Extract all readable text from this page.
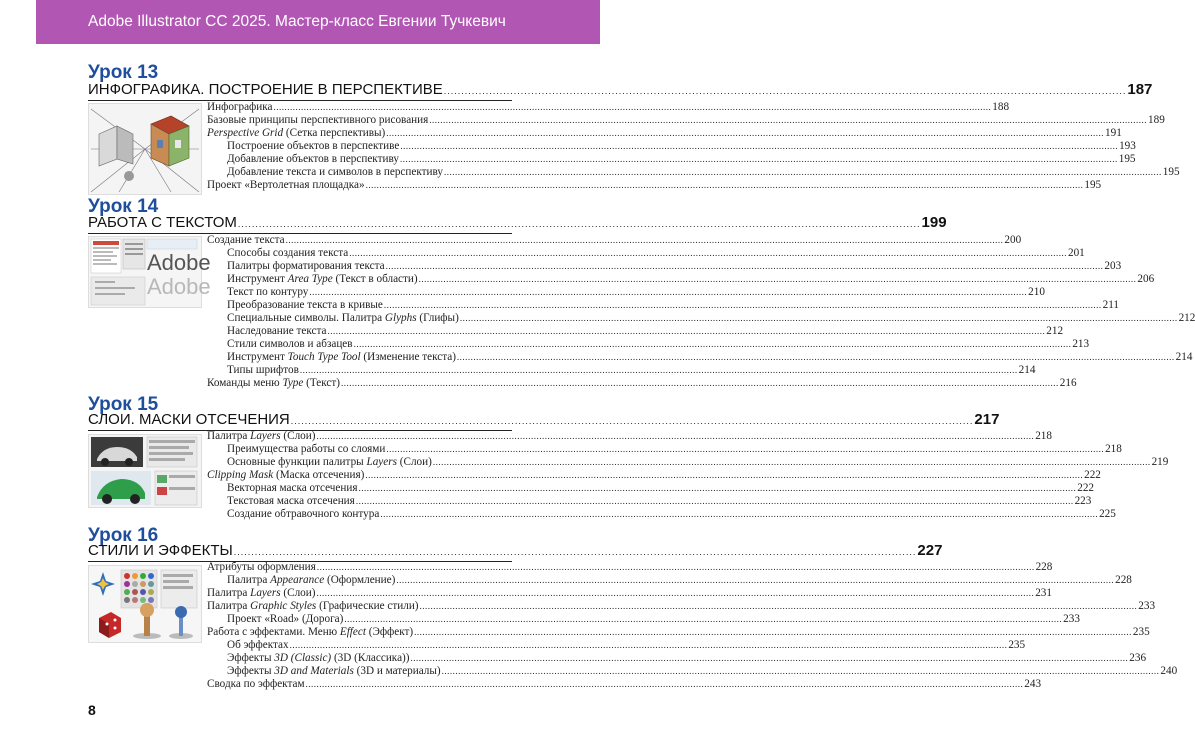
Adobe Illustrator CC 2025. Мастер-класс Евгении Тучкевич
Урок 13
ИНФОГРАФИКА. ПОСТРОЕНИЕ В ПЕРСПЕКТИВЕ .....	187
Инфографика .....	188
Базовые принципы перспективного рисования .....	189
Perspective Grid (Сетка перспективы) .....	191
Построение объектов в перспективе .....	193
Добавление объектов в перспективу .....	195
Добавление текста и символов в перспективу .....	195
Проект «Вертолетная площадка» .....	195
Урок 14
РАБОТА С ТЕКСТОМ .....	199
Adobe
Adobe
Создание текста .....	200
Способы создания текста .....	201
Палитры форматирования текста .....	203
Инструмент Area Type (Текст в области) .....	206
Текст по контуру .....	210
Преобразование текста в кривые .....	211
Специальные символы. Палитра Glyphs (Глифы) .....	212
Наследование текста .....	212
Стили символов и абзацев .....	213
Инструмент Touch Type Tool (Изменение текста) .....	214
Типы шрифтов .....	214
Команды меню Type (Текст) .....	216
Урок 15
СЛОИ. МАСКИ ОТСЕЧЕНИЯ .....	217
Палитра Layers (Слои) .....	218
Преимущества работы со слоями .....	218
Основные функции палитры Layers (Слои) .....	219
Clipping Mask (Маска отсечения) .....	222
Векторная маска отсечения .....	222
Текстовая маска отсечения .....	223
Создание обтравочного контура .....	225
Урок 16
СТИЛИ И ЭФФЕКТЫ .....	227
Атрибуты оформления .....	228
Палитра Appearance (Оформление) .....	228
Палитра Layers (Слои) .....	231
Палитра Graphic Styles (Графические стили) .....	233
Проект «Road» (Дорога) .....	233
Работа с эффектами. Меню Effect (Эффект) .....	235
Об эффектах .....	235
Эффекты 3D (Classic) (3D (Классика)) .....	236
Эффекты 3D and Materials (3D и материалы) .....	240
Сводка по эффектам .....	243
8
